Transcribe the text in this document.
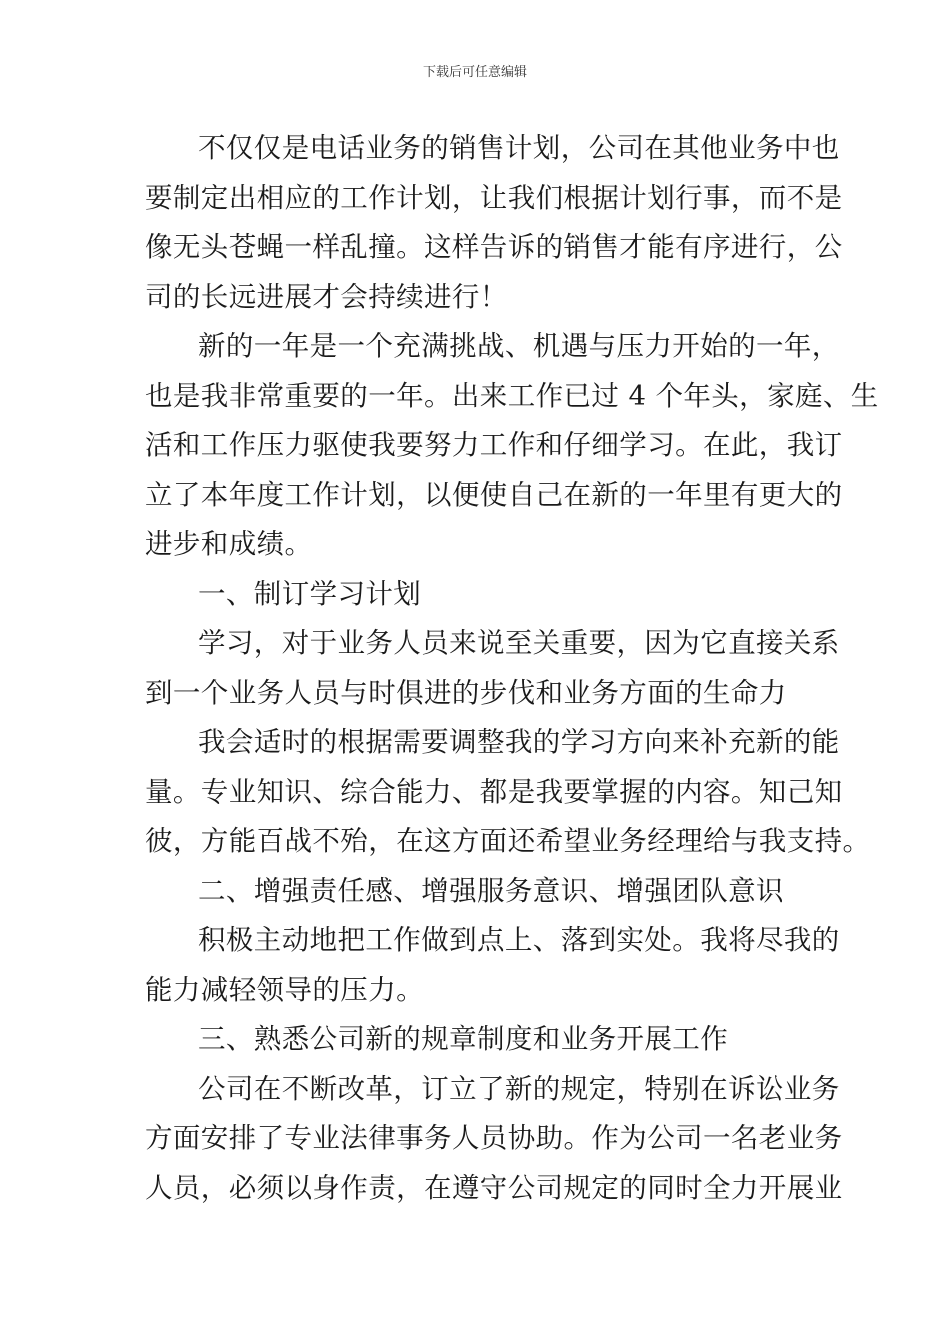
下载后可任意编辑
不仅仅是电话业务的销售计划，公司在其他业务中也
要制定出相应的工作计划，让我们根据计划行事，而不是
像无头苍蝇一样乱撞。这样告诉的销售才能有序进行，公
司的长远进展才会持续进行！
新的一年是一个充满挑战、机遇与压力开始的一年，
也是我非常重要的一年。出来工作已过 4 个年头，家庭、生
活和工作压力驱使我要努力工作和仔细学习。在此，我订
立了本年度工作计划，以便使自己在新的一年里有更大的
进步和成绩。
一、制订学习计划
学习，对于业务人员来说至关重要，因为它直接关系
到一个业务人员与时俱进的步伐和业务方面的生命力
我会适时的根据需要调整我的学习方向来补充新的能
量。专业知识、综合能力、都是我要掌握的内容。知己知
彼，方能百战不殆，在这方面还希望业务经理给与我支持。
二、增强责任感、增强服务意识、增强团队意识
积极主动地把工作做到点上、落到实处。我将尽我的
能力减轻领导的压力。
三、熟悉公司新的规章制度和业务开展工作
公司在不断改革，订立了新的规定，特别在诉讼业务
方面安排了专业法律事务人员协助。作为公司一名老业务
人员，必须以身作责，在遵守公司规定的同时全力开展业
